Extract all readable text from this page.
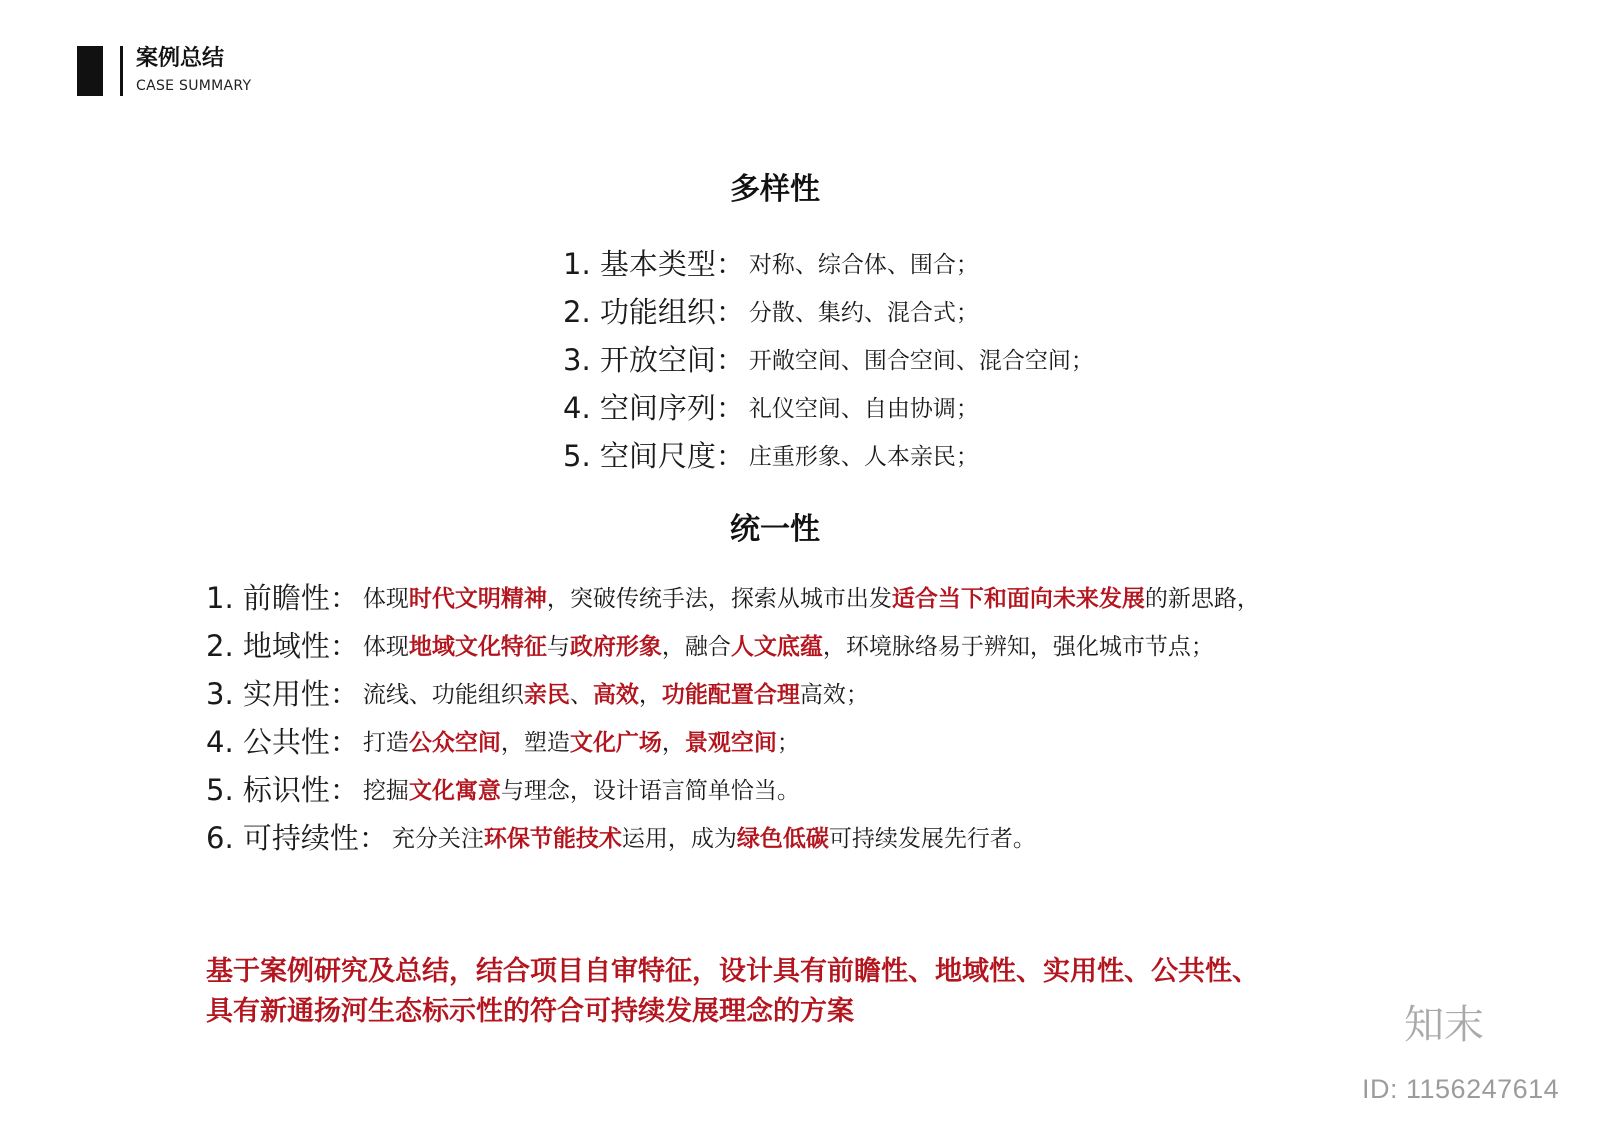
案例总结
CASE SUMMARY
多样性
1. 基本类型： 对称、综合体、围合；
2. 功能组织： 分散、集约、混合式；
3. 开放空间： 开敞空间、围合空间、混合空间；
4. 空间序列： 礼仪空间、自由协调；
5. 空间尺度： 庄重形象、人本亲民；
统一性
1. 前瞻性： 体现时代文明精神，突破传统手法，探索从城市出发适合当下和面向未来发展的新思路，
2. 地域性： 体现地域文化特征与政府形象，融合人文底蕴，环境脉络易于辨知，强化城市节点；
3. 实用性： 流线、功能组织亲民、高效，功能配置合理高效；
4. 公共性： 打造公众空间，塑造文化广场，景观空间；
5. 标识性： 挖掘文化寓意与理念，设计语言简单恰当。
6. 可持续性： 充分关注环保节能技术运用，成为绿色低碳可持续发展先行者。
基于案例研究及总结，结合项目自审特征，设计具有前瞻性、地域性、实用性、公共性、
具有新通扬河生态标示性的符合可持续发展理念的方案	知末
ID: 1156247614
